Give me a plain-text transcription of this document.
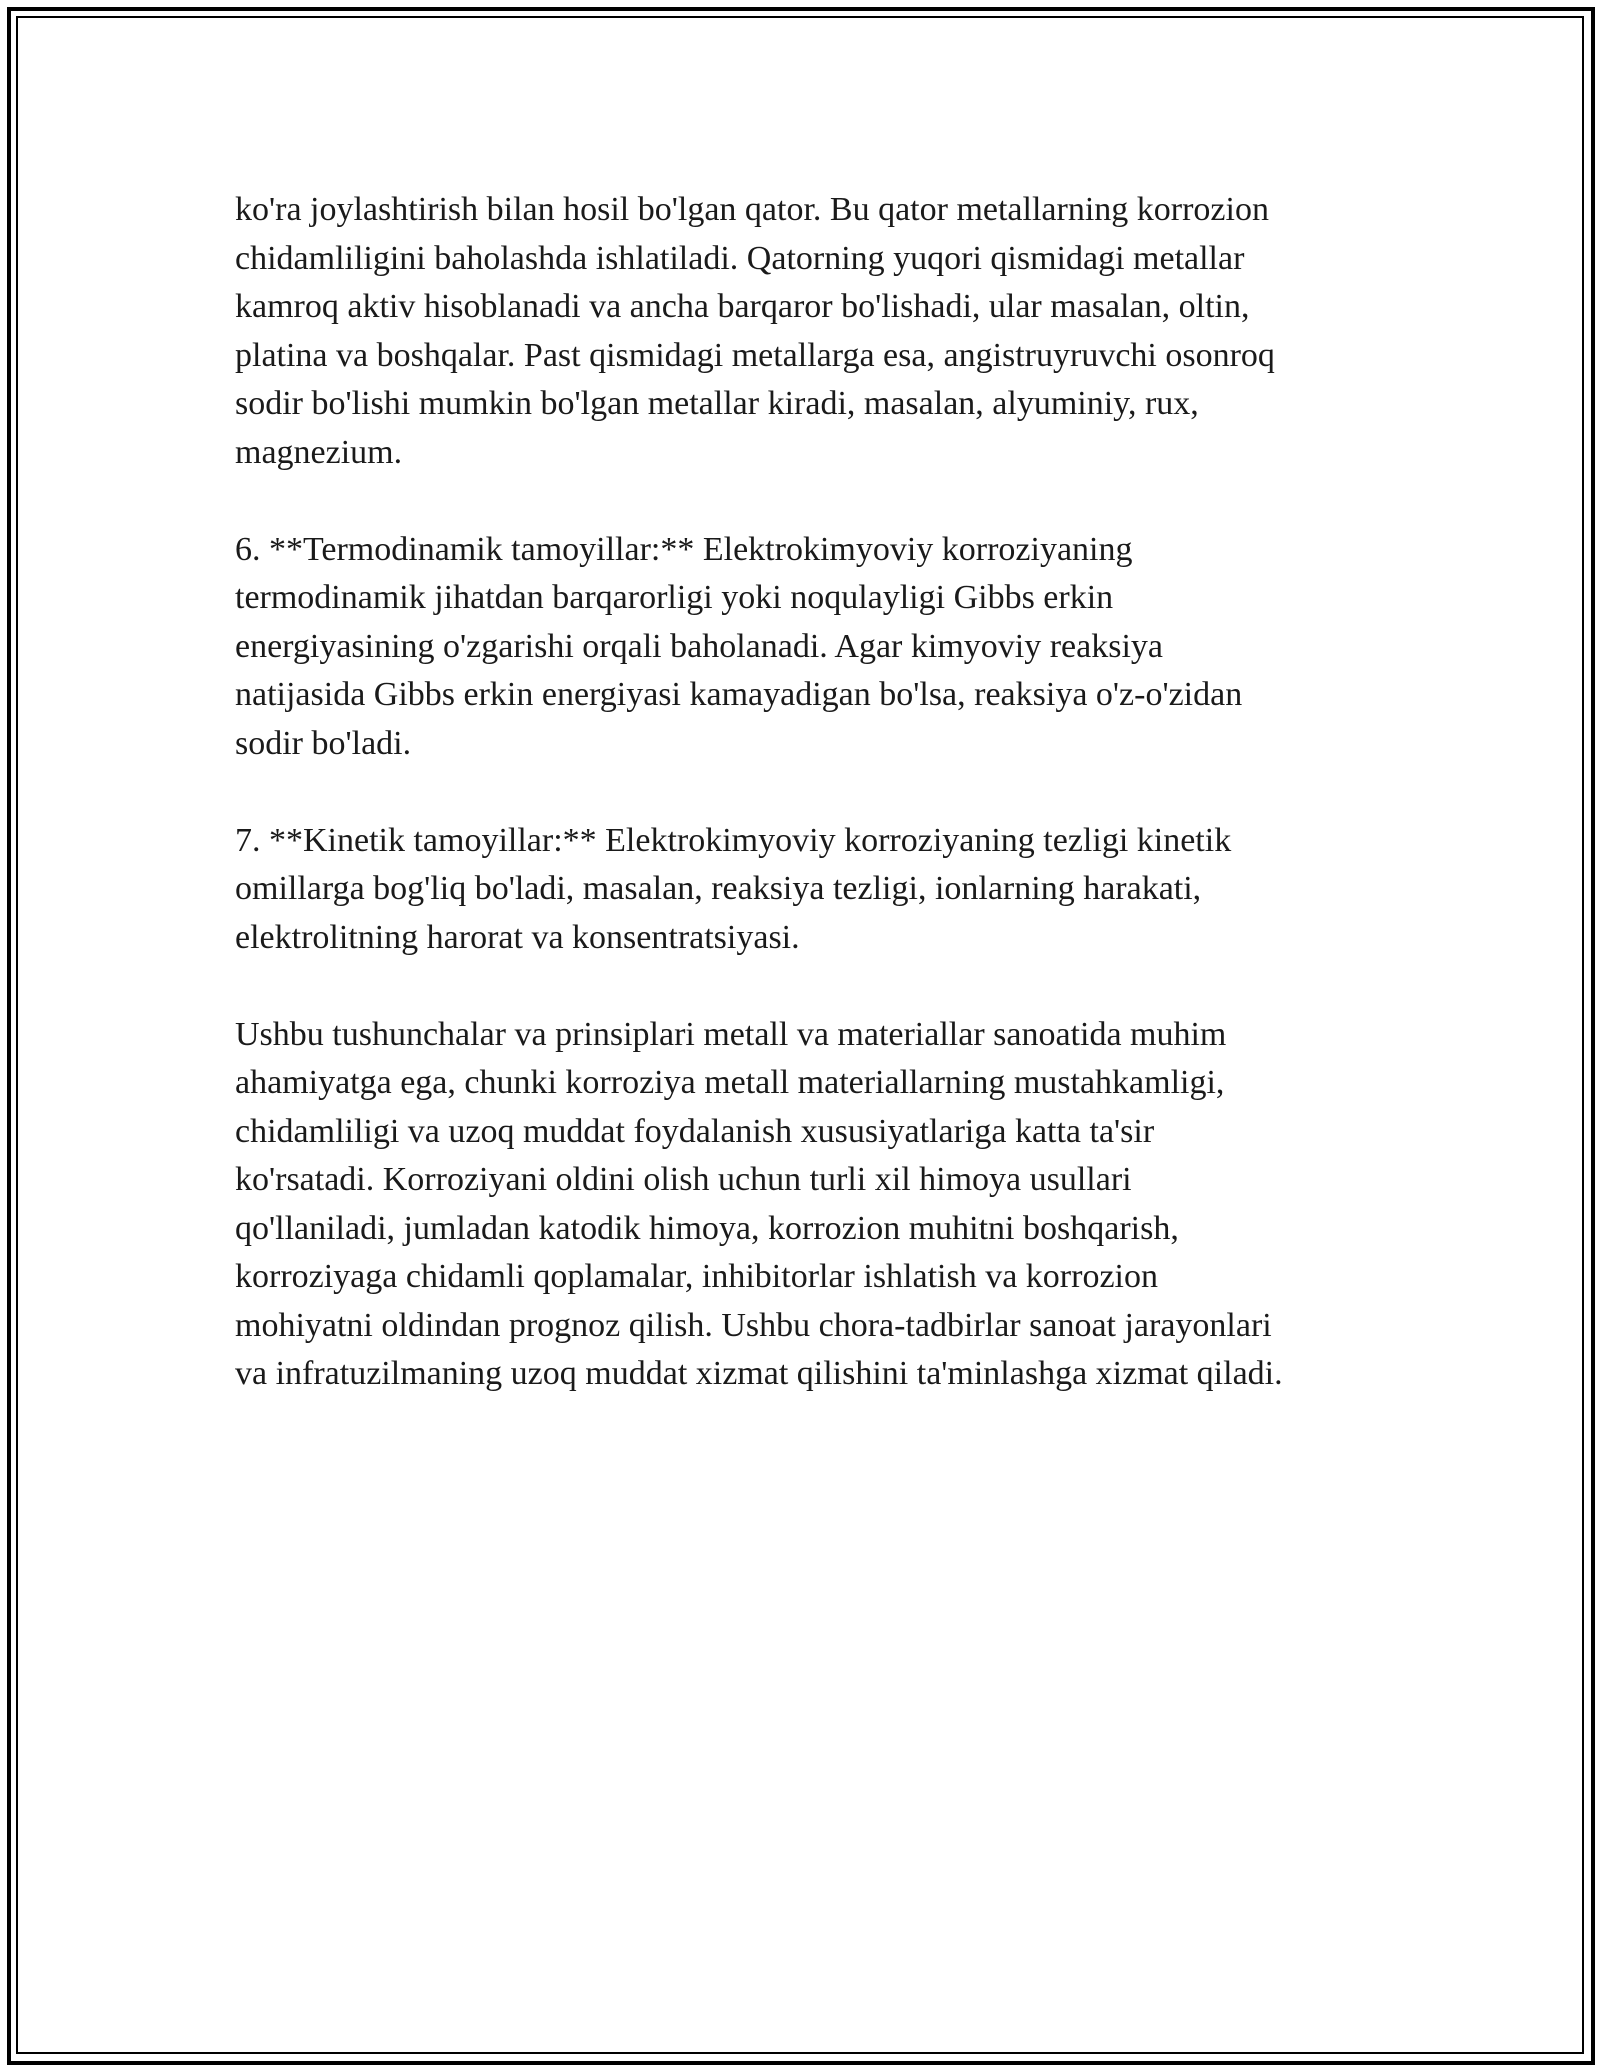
ko'ra joylashtirish bilan hosil bo'lgan qator. Bu qator metallarning korrozion
chidamliligini baholashda ishlatiladi. Qatorning yuqori qismidagi metallar
kamroq aktiv hisoblanadi va ancha barqaror bo'lishadi, ular masalan, oltin,
platina va boshqalar. Past qismidagi metallarga esa, angistruyruvchi osonroq
sodir bo'lishi mumkin bo'lgan metallar kiradi, masalan, alyuminiy, rux,
magnezium.

6. **Termodinamik tamoyillar:** Elektrokimyoviy korroziyaning
termodinamik jihatdan barqarorligi yoki noqulayligi Gibbs erkin
energiyasining o'zgarishi orqali baholanadi. Agar kimyoviy reaksiya
natijasida Gibbs erkin energiyasi kamayadigan bo'lsa, reaksiya o'z-o'zidan
sodir bo'ladi.

7. **Kinetik tamoyillar:** Elektrokimyoviy korroziyaning tezligi kinetik
omillarga bog'liq bo'ladi, masalan, reaksiya tezligi, ionlarning harakati,
elektrolitning harorat va konsentratsiyasi.

Ushbu tushunchalar va prinsiplari metall va materiallar sanoatida muhim
ahamiyatga ega, chunki korroziya metall materiallarning mustahkamligi,
chidamliligi va uzoq muddat foydalanish xususiyatlariga katta ta'sir
ko'rsatadi. Korroziyani oldini olish uchun turli xil himoya usullari
qo'llaniladi, jumladan katodik himoya, korrozion muhitni boshqarish,
korroziyaga chidamli qoplamalar, inhibitorlar ishlatish va korrozion
mohiyatni oldindan prognoz qilish. Ushbu chora-tadbirlar sanoat jarayonlari
va infratuzilmaning uzoq muddat xizmat qilishini ta'minlashga xizmat qiladi.
